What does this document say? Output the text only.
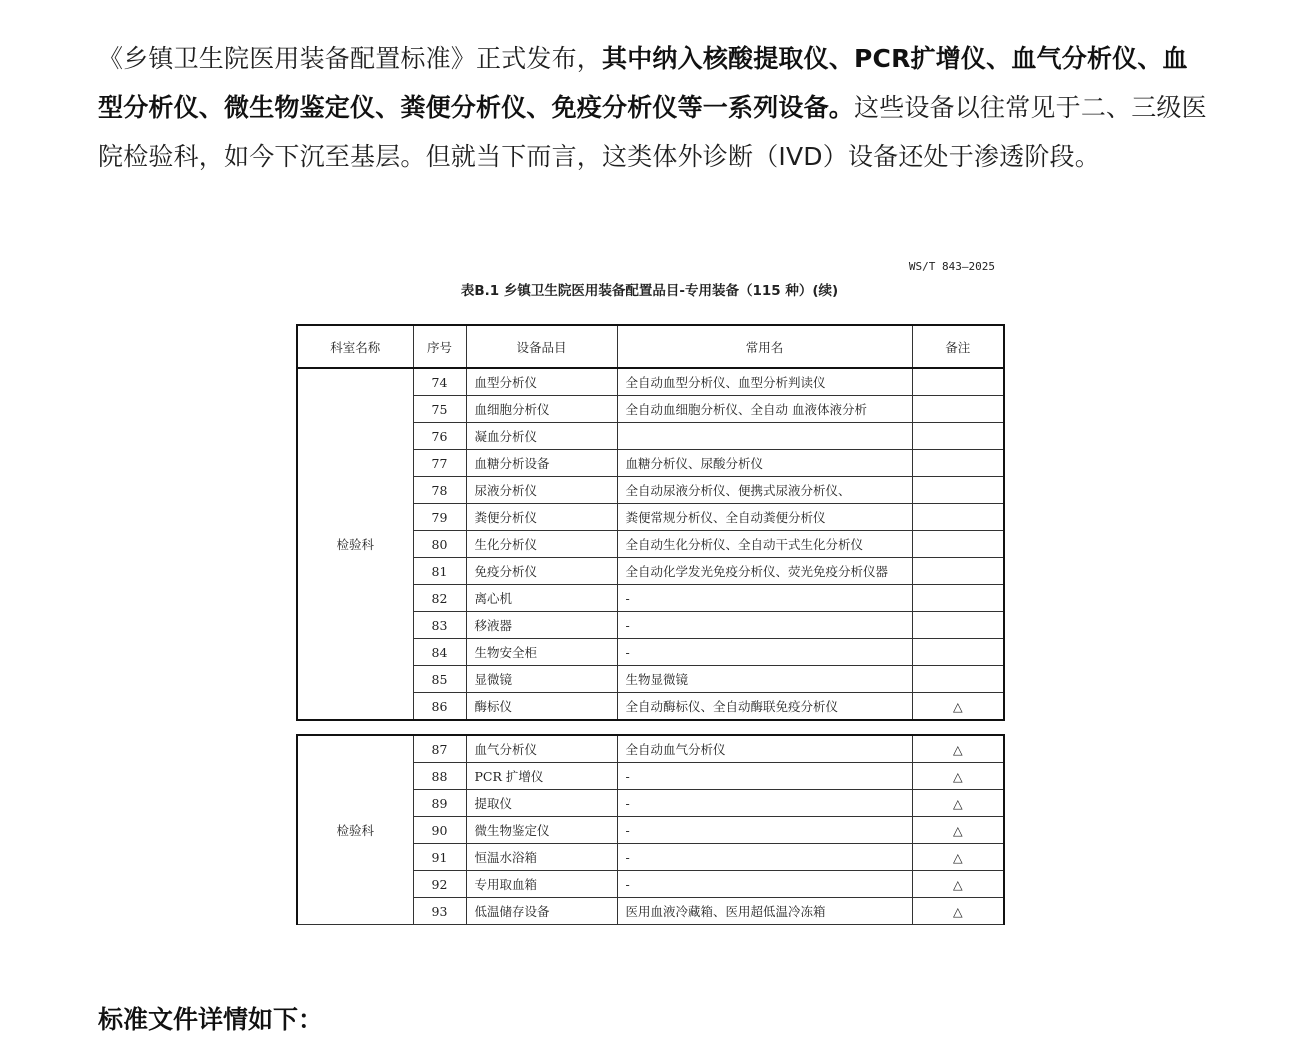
《乡镇卫生院医用装备配置标准》正式发布，其中纳入核酸提取仪、PCR扩增仪、血气分析仪、血型分析仪、微生物鉴定仪、粪便分析仪、免疫分析仪等一系列设备。这些设备以往常见于二、三级医院检验科，如今下沉至基层。但就当下而言，这类体外诊断（IVD）设备还处于渗透阶段。
WS/T 843—2025
表B.1 乡镇卫生院医用装备配置品目-专用装备（115 种）(续)
科室名称	序号	设备品目	常用名	备注
检验科	74	血型分析仪	全自动血型分析仪、血型分析判读仪	
	75	血细胞分析仪	全自动血细胞分析仪、全自动 血液体液分析	
	76	凝血分析仪		
	77	血糖分析设备	血糖分析仪、尿酸分析仪	
	78	尿液分析仪	全自动尿液分析仪、便携式尿液分析仪、	
	79	粪便分析仪	粪便常规分析仪、全自动粪便分析仪	
	80	生化分析仪	全自动生化分析仪、全自动干式生化分析仪	
	81	免疫分析仪	全自动化学发光免疫分析仪、荧光免疫分析仪器	
	82	离心机	-	
	83	移液器	-	
	84	生物安全柜	-	
	85	显微镜	生物显微镜	
	86	酶标仪	全自动酶标仪、全自动酶联免疫分析仪	△
检验科	87	血气分析仪	全自动血气分析仪	△
	88	PCR 扩增仪	-	△
	89	提取仪	-	△
	90	微生物鉴定仪	-	△
	91	恒温水浴箱	-	△
	92	专用取血箱	-	△
	93	低温储存设备	医用血液冷藏箱、医用超低温冷冻箱	△
标准文件详情如下：
